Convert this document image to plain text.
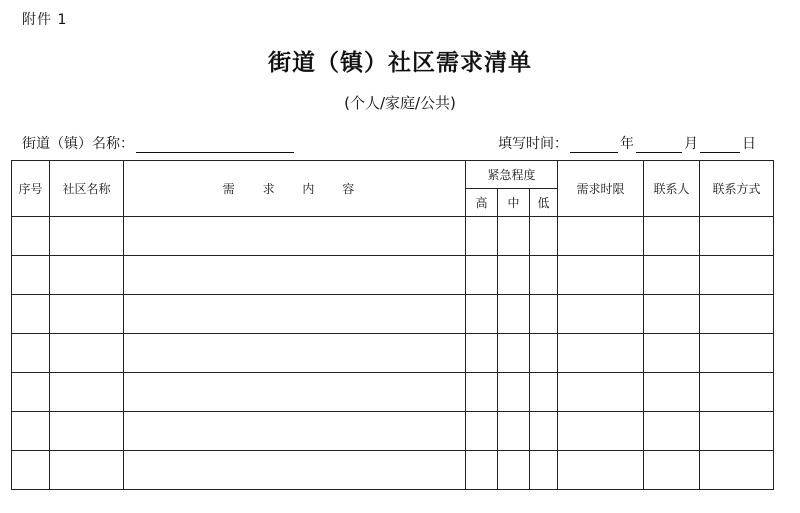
附件 1
街道（镇）社区需求清单
(个人/家庭/公共)
街道（镇）名称：	填写时间：	年	月	日
序号	社区名称	需 求 内 容	紧急程度			需求时限	联系人	联系方式
			高	中	低			
